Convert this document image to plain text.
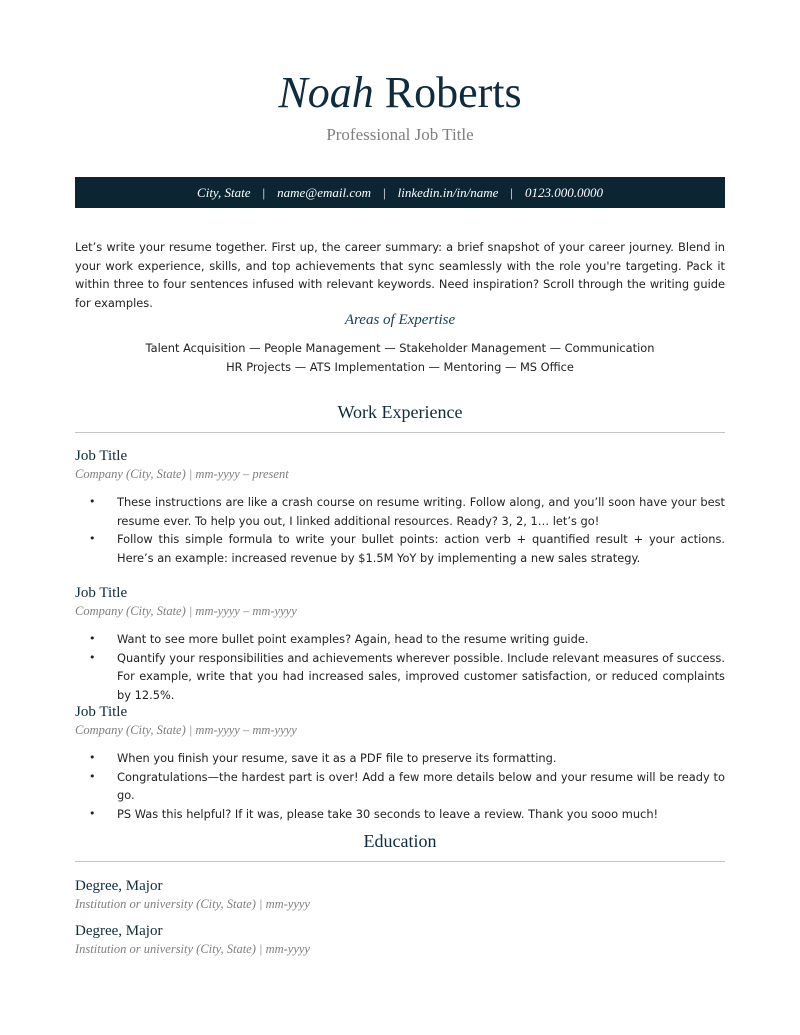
Noah Roberts
Professional Job Title
City, State | name@email.com | linkedin.in/in/name | 0123.000.0000

Let’s write your resume together. First up, the career summary: a brief snapshot of your career journey. Blend in your work experience, skills, and top achievements that sync seamlessly with the role you're targeting. Pack it within three to four sentences infused with relevant keywords. Need inspiration? Scroll through the writing guide for examples.

Areas of Expertise
Talent Acquisition — People Management — Stakeholder Management — Communication
HR Projects — ATS Implementation — Mentoring — MS Office
Work Experience
Job Title
Company (City, State) | mm-yyyy – present
• These instructions are like a crash course on resume writing. Follow along, and you’ll soon have your best resume ever. To help you out, I linked additional resources. Ready? 3, 2, 1… let’s go!
• Follow this simple formula to write your bullet points: action verb + quantified result + your actions. Here’s an example: increased revenue by $1.5M YoY by implementing a new sales strategy.
Job Title
Company (City, State) | mm-yyyy – mm-yyyy
• Want to see more bullet point examples? Again, head to the resume writing guide.
• Quantify your responsibilities and achievements wherever possible. Include relevant measures of success. For example, write that you had increased sales, improved customer satisfaction, or reduced complaints by 12.5%.
Job Title
Company (City, State) | mm-yyyy – mm-yyyy
• When you finish your resume, save it as a PDF file to preserve its formatting.
• Congratulations—the hardest part is over! Add a few more details below and your resume will be ready to go.
• PS Was this helpful? If it was, please take 30 seconds to leave a review. Thank you sooo much!
Education
Degree, Major
Institution or university (City, State) | mm-yyyy
Degree, Major
Institution or university (City, State) | mm-yyyy
